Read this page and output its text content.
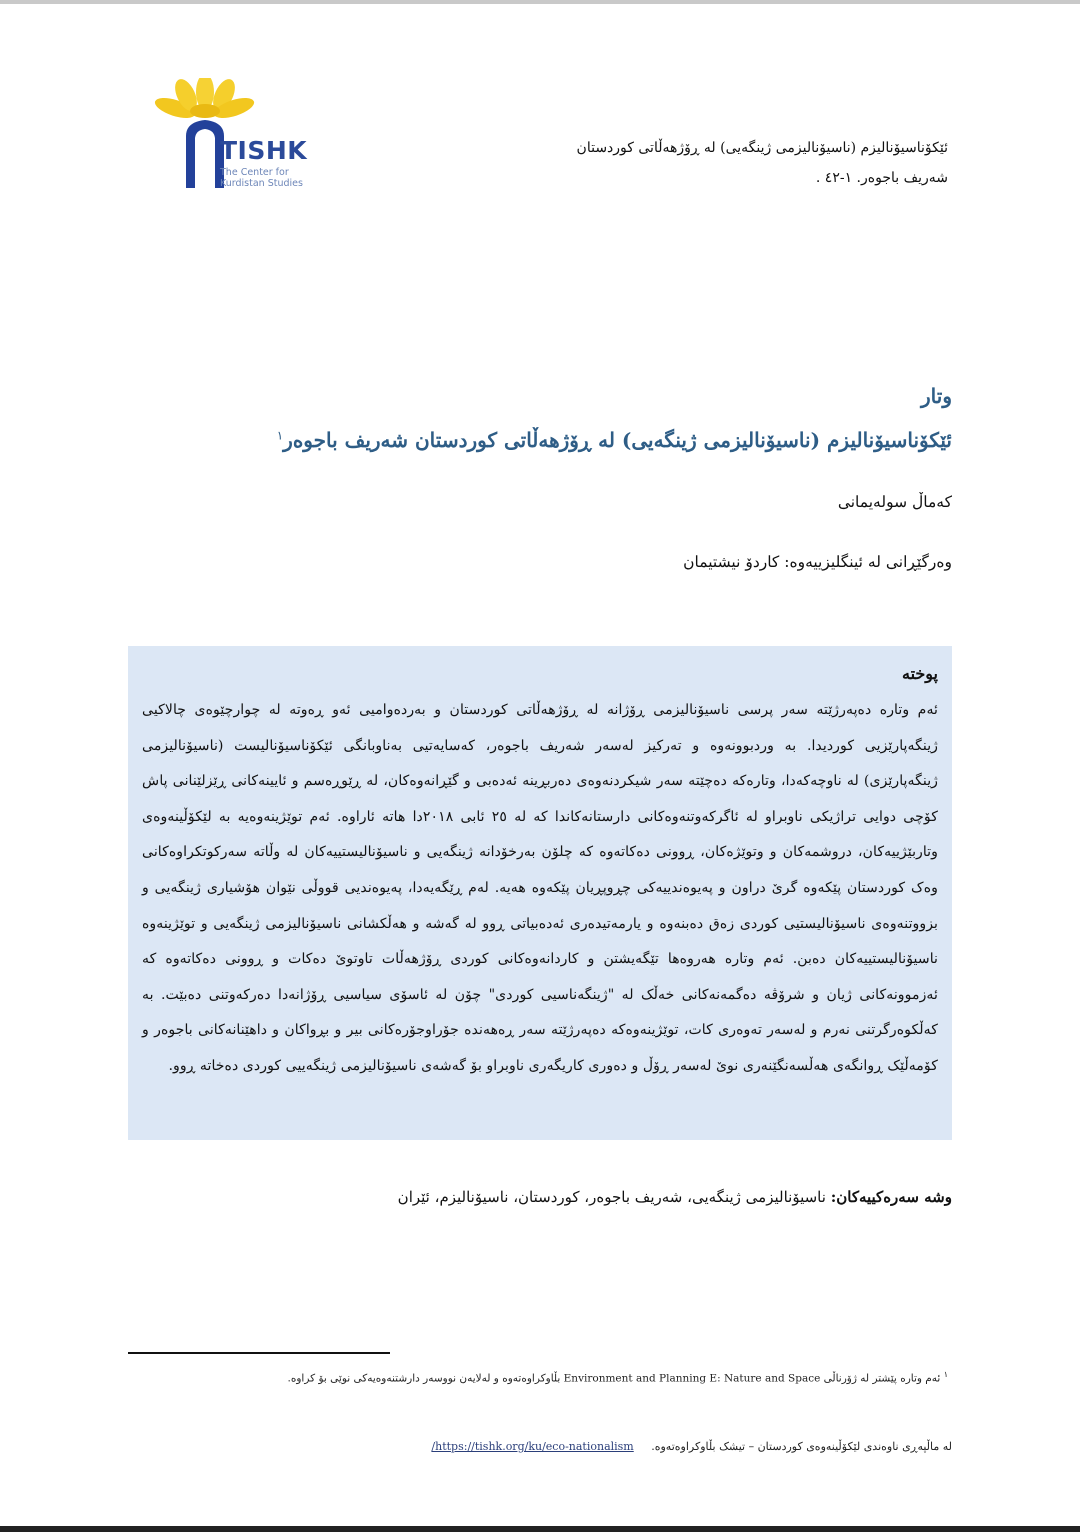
TISHK
The Center for
Kurdistan Studies
ئێکۆناسیۆنالیزم (ناسیۆنالیزمی ژینگەیی) لە ڕۆژهەڵاتی کوردستان
شەریف باجوەر. ١-٤٢ .
وتار
ئێکۆناسیۆنالیزم (ناسیۆنالیزمی ژینگەیی) لە ڕۆژهەڵاتی کوردستان شەریف باجوەر$^١$
کەماڵ سولەیمانی
وەرگێڕانی لە ئینگلیزییەوە: کاردۆ نیشتیمان
پوختە
ئەم وتارە دەپەرژێتە سەر پرسی ناسیۆنالیزمی ڕۆژانە لە ڕۆژهەڵاتی کوردستان و بەردەوامیی ئەو ڕەوتە لە چوارچێوەی چالاکیی ژینگەپارێزیی کوردیدا. بە وردبوونەوە و تەرکیز لەسەر شەریف باجوەر، کەسایەتیی بەناوبانگی ئێکۆناسیۆنالیست (ناسیۆنالیزمی ژینگەپارێزی) لە ناوچەکەدا، وتارەکە دەچێتە سەر شیکردنەوەی دەربڕینە ئەدەبی و گێڕانەوەکان، لە ڕێوڕەسم و ئایینەکانی ڕێزلێنانی پاش کۆچی دوایی تراژیکی ناوبراو لە ئاگرکەوتنەوەکانی دارستانەکاندا کە لە ٢٥ ئابی ٢٠١٨دا هاتە ئاراوە. ئەم توێژینەوەیە بە لێکۆڵینەوەی وتاربێژییەکان، دروشمەکان و وتوێژەکان، ڕوونی دەکاتەوە کە چلۆن بەرخۆدانە ژینگەیی و ناسیۆنالیستییەکان لە وڵاتە سەرکوتکراوەکانی وەک کوردستان پێکەوە گرێ دراون و پەیوەندییەکی چڕوپڕیان پێکەوە هەیە. لەم ڕێگەیەدا، پەیوەندیی قووڵی نێوان هۆشیاری ژینگەیی و بزووتنەوەی ناسیۆنالیستیی کوردی زەق دەبنەوە و یارمەتیدەری ئەدەبیاتی ڕوو لە گەشە و هەڵکشانی ناسیۆنالیزمی ژینگەیی و توێژینەوە ناسیۆنالیستییەکان دەبن. ئەم وتارە هەروەها تێگەیشتن و کاردانەوەکانی کوردی ڕۆژهەڵات تاوتوێ دەکات و ڕوونی دەکاتەوە کە ئەزموونەکانی ژیان و شرۆڤە دەگمەنەکانی خەڵک لە "ژینگەناسیی کوردی" چۆن لە ئاسۆی سیاسیی ڕۆژانەدا دەرکەوتنی دەبێت. بە کەڵکوەرگرتنی نەرم و لەسەر تەوەری کات، توێژینەوەکە دەپەرژێتە سەر ڕەهەندە جۆراوجۆرەکانی بیر و بڕواکان و داهێنانەکانی باجوەر و کۆمەڵێک ڕوانگەی هەڵسەنگێنەری نوێ لەسەر ڕۆڵ و دەوری کاریگەری ناوبراو بۆ گەشەی ناسیۆنالیزمی ژینگەییی کوردی دەخاتە ڕوو.
وشە سەرەکییەکان: ناسیۆنالیزمی ژینگەیی، شەریف باجوەر، کوردستان، ناسیۆنالیزم، ئێران
$^١$ ئەم وتارە پێشتر لە ژۆرناڵی Environment and Planning E: Nature and Space بڵاوکراوەتەوە و لەلایەن نووسەر دارشتنەوەیەکی نوێی بۆ کراوە.
لە ماڵپەڕی ناوەندی لێکۆڵینەوەی کوردستان – تیشک بڵاوکراوەتەوە.     /https://tishk.org/ku/eco-nationalism
